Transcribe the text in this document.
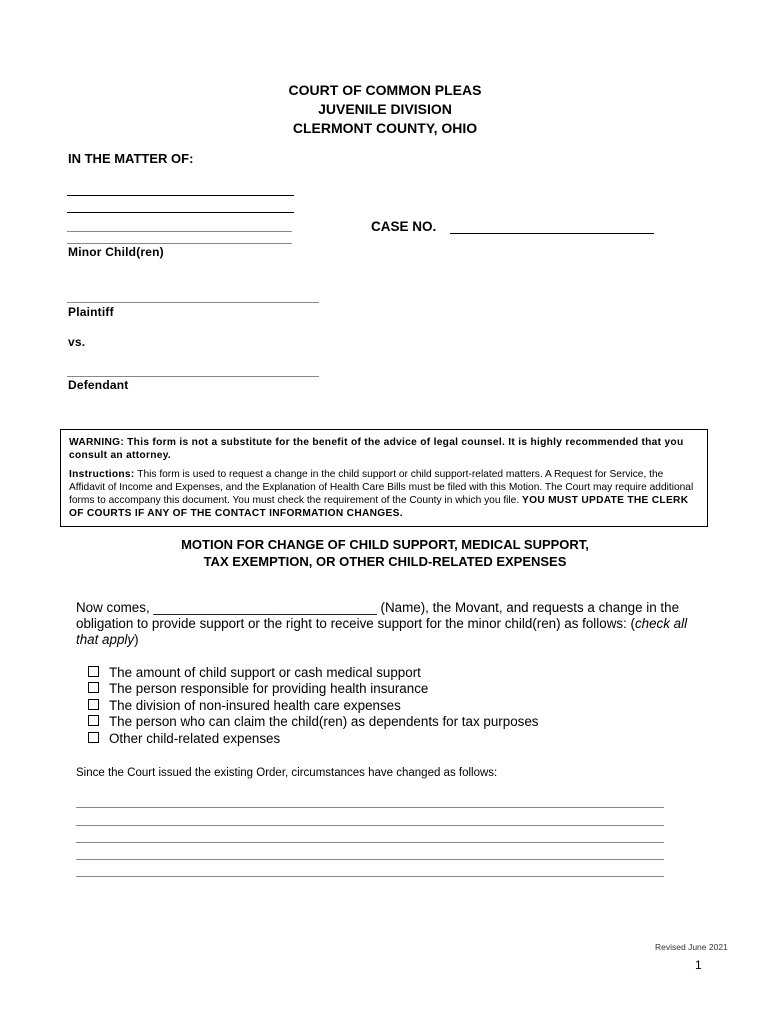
COURT OF COMMON PLEAS
JUVENILE DIVISION
CLERMONT COUNTY, OHIO
IN THE MATTER OF:
CASE NO.
Minor Child(ren)
Plaintiff
vs.
Defendant
WARNING: This form is not a substitute for the benefit of the advice of legal counsel. It is highly recommended that you consult an attorney.
Instructions: This form is used to request a change in the child support or child support-related matters. A Request for Service, the Affidavit of Income and Expenses, and the Explanation of Health Care Bills must be filed with this Motion. The Court may require additional forms to accompany this document. You must check the requirement of the County in which you file. YOU MUST UPDATE THE CLERK OF COURTS IF ANY OF THE CONTACT INFORMATION CHANGES.
MOTION FOR CHANGE OF CHILD SUPPORT, MEDICAL SUPPORT,
TAX EXEMPTION, OR OTHER CHILD-RELATED EXPENSES
Now comes, ______________________________ (Name), the Movant, and requests a change in the obligation to provide support or the right to receive support for the minor child(ren) as follows: (check all that apply)
The amount of child support or cash medical support
The person responsible for providing health insurance
The division of non-insured health care expenses
The person who can claim the child(ren) as dependents for tax purposes
Other child-related expenses
Since the Court issued the existing Order, circumstances have changed as follows:
Revised June 2021
1
